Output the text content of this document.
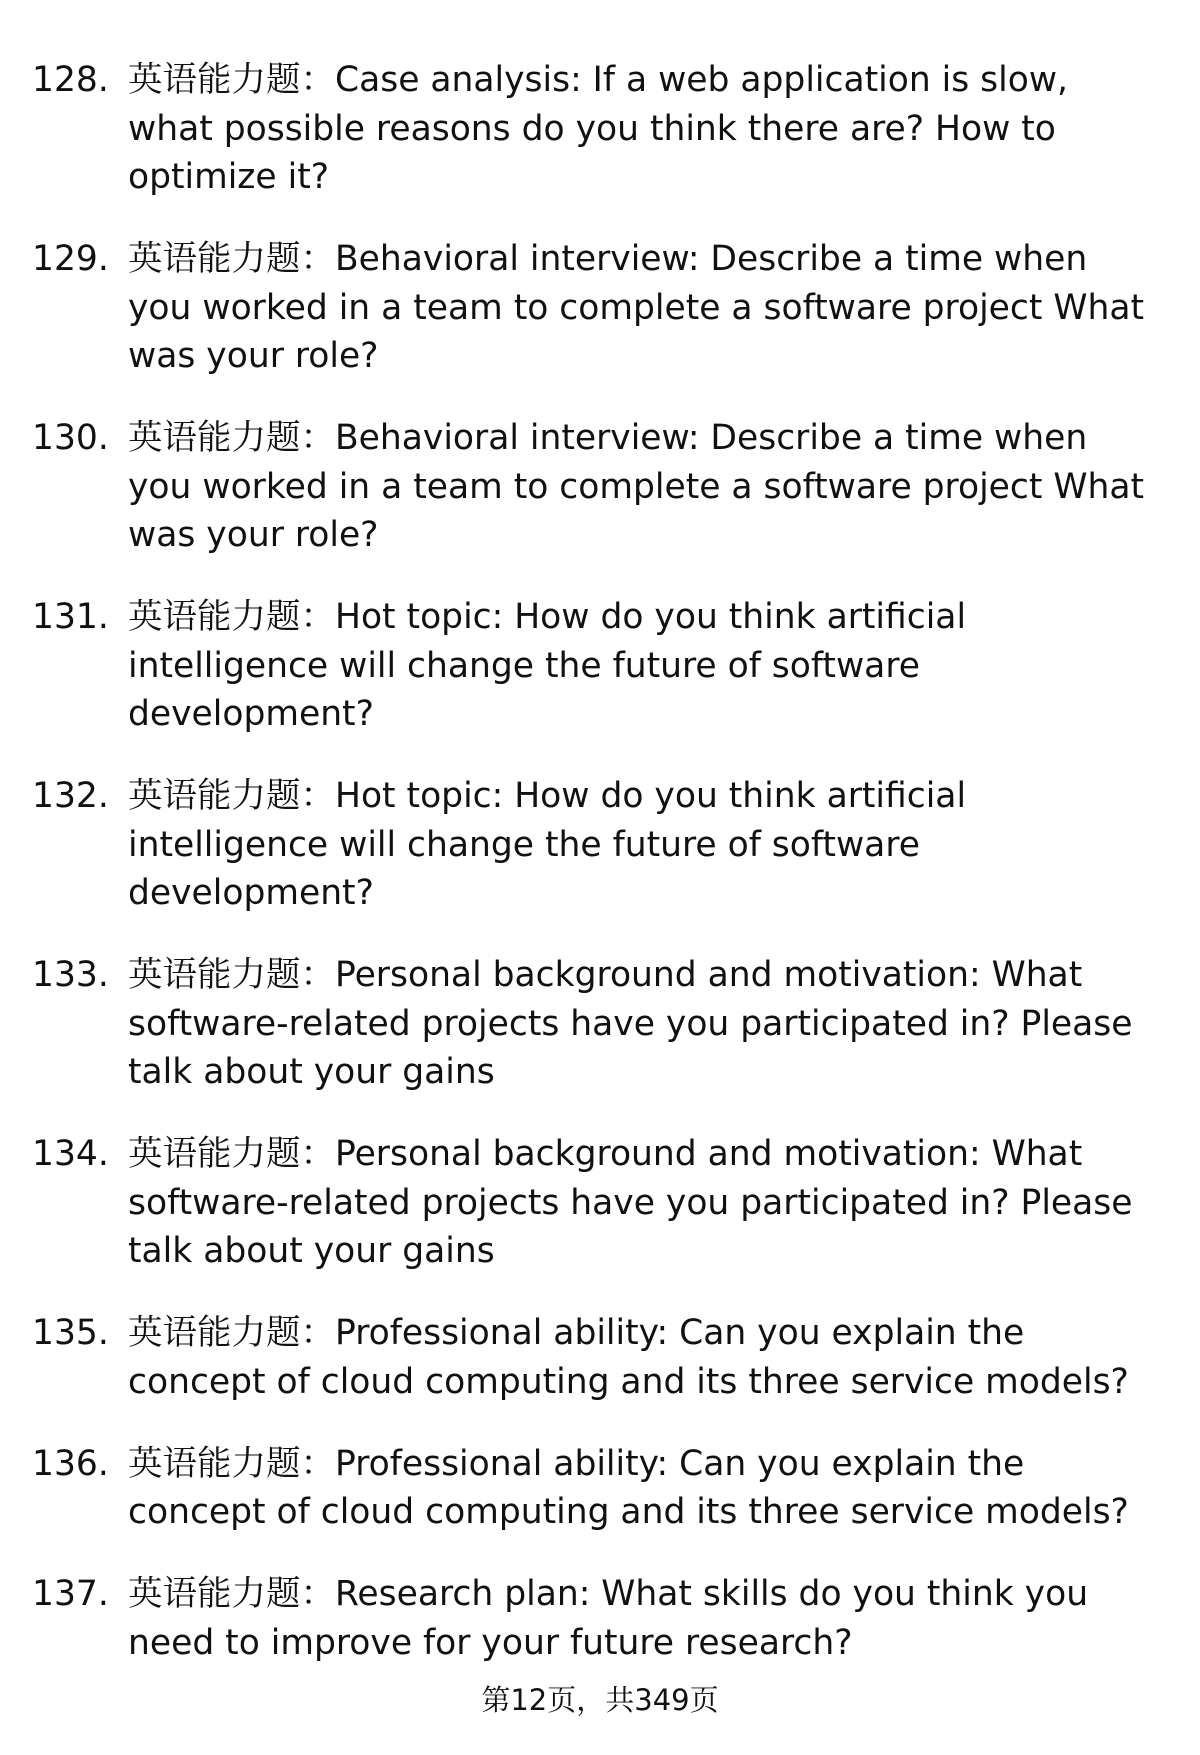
128. 英语能力题：Case analysis: If a web application is slow, what possible reasons do you think there are? How to optimize it?
129. 英语能力题：Behavioral interview: Describe a time when you worked in a team to complete a software project What was your role?
130. 英语能力题：Behavioral interview: Describe a time when you worked in a team to complete a software project What was your role?
131. 英语能力题：Hot topic: How do you think artificial intelligence will change the future of software development?
132. 英语能力题：Hot topic: How do you think artificial intelligence will change the future of software development?
133. 英语能力题：Personal background and motivation: What software-related projects have you participated in? Please talk about your gains
134. 英语能力题：Personal background and motivation: What software-related projects have you participated in? Please talk about your gains
135. 英语能力题：Professional ability: Can you explain the concept of cloud computing and its three service models?
136. 英语能力题：Professional ability: Can you explain the concept of cloud computing and its three service models?
137. 英语能力题：Research plan: What skills do you think you need to improve for your future research?
第12页，共349页
